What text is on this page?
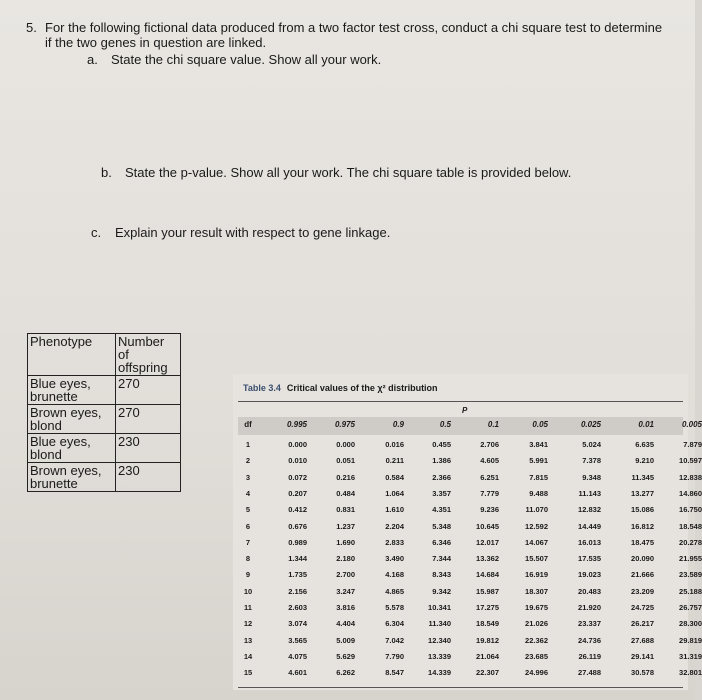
5. For the following fictional data produced from a two factor test cross, conduct a chi square test to determine if the two genes in question are linked.
a. State the chi square value. Show all your work.
b. State the p-value. Show all your work. The chi square table is provided below.
c. Explain your result with respect to gene linkage.
Phenotype	Number of offspring
Blue eyes, brunette	270
Brown eyes, blond	270
Blue eyes, blond	230
Brown eyes, brunette	230
Table 3.4 Critical values of the χ² distribution
P
df	0.995	0.975	0.9	0.5	0.1	0.05	0.025	0.01	0.005
1	0.000	0.000	0.016	0.455	2.706	3.841	5.024	6.635	7.879
2	0.010	0.051	0.211	1.386	4.605	5.991	7.378	9.210	10.597
3	0.072	0.216	0.584	2.366	6.251	7.815	9.348	11.345	12.838
4	0.207	0.484	1.064	3.357	7.779	9.488	11.143	13.277	14.860
5	0.412	0.831	1.610	4.351	9.236	11.070	12.832	15.086	16.750
6	0.676	1.237	2.204	5.348	10.645	12.592	14.449	16.812	18.548
7	0.989	1.690	2.833	6.346	12.017	14.067	16.013	18.475	20.278
8	1.344	2.180	3.490	7.344	13.362	15.507	17.535	20.090	21.955
9	1.735	2.700	4.168	8.343	14.684	16.919	19.023	21.666	23.589
10	2.156	3.247	4.865	9.342	15.987	18.307	20.483	23.209	25.188
11	2.603	3.816	5.578	10.341	17.275	19.675	21.920	24.725	26.757
12	3.074	4.404	6.304	11.340	18.549	21.026	23.337	26.217	28.300
13	3.565	5.009	7.042	12.340	19.812	22.362	24.736	27.688	29.819
14	4.075	5.629	7.790	13.339	21.064	23.685	26.119	29.141	31.319
15	4.601	6.262	8.547	14.339	22.307	24.996	27.488	30.578	32.801
